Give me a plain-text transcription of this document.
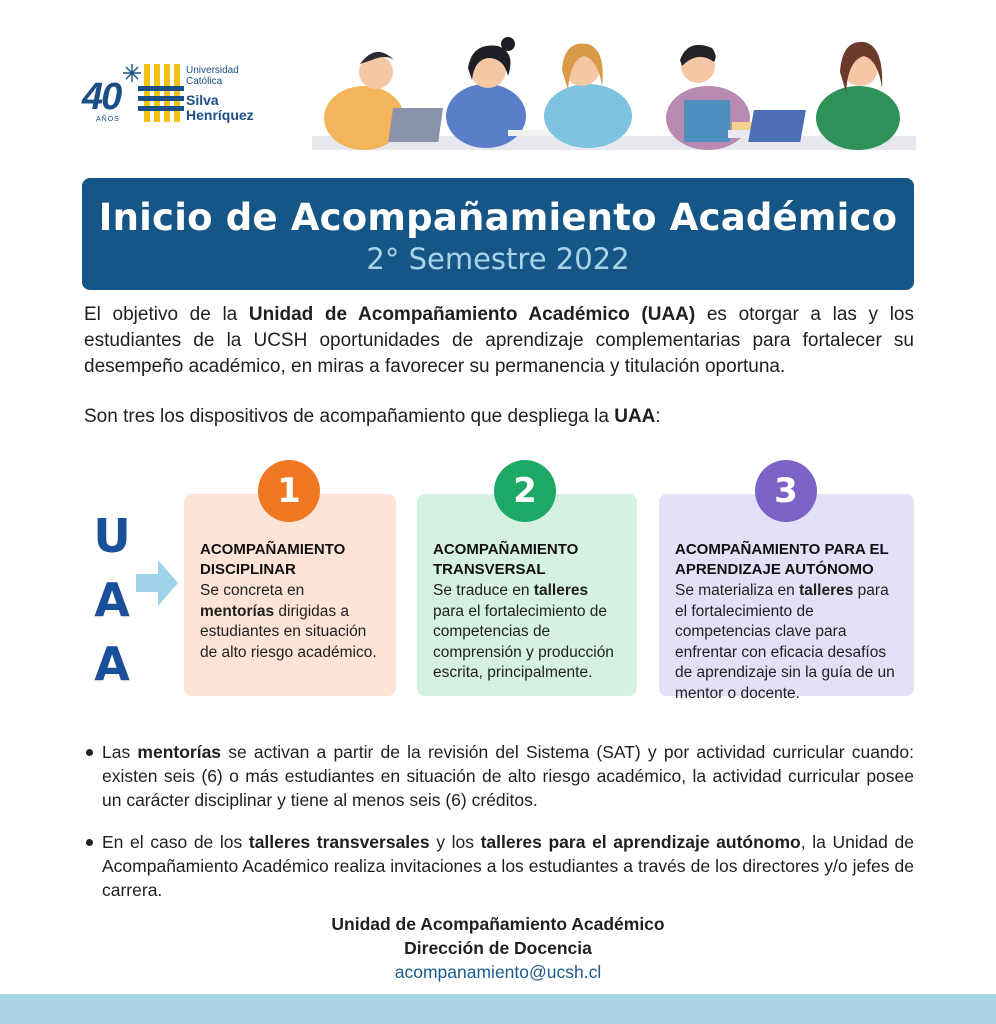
40
AÑOS
Universidad
Católica
Silva
Henríquez
Inicio de Acompañamiento Académico
2° Semestre 2022

El objetivo de la Unidad de Acompañamiento Académico (UAA) es otorgar a las y los estudiantes de la UCSH oportunidades de aprendizaje complementarias para fortalecer su desempeño académico, en miras a favorecer su permanencia y titulación oportuna.

Son tres los dispositivos de acompañamiento que despliega la UAA:

U
A
A
ACOMPAÑAMIENTO DISCIPLINAR
Se concreta en mentorías dirigidas a estudiantes en situación de alto riesgo académico.
1
ACOMPAÑAMIENTO TRANSVERSAL
Se traduce en talleres para el fortalecimiento de competencias de comprensión y producción escrita, principalmente.
2
ACOMPAÑAMIENTO PARA EL APRENDIZAJE AUTÓNOMO
Se materializa en talleres para el fortalecimiento de competencias clave para enfrentar con eficacia desafíos de aprendizaje sin la guía de un mentor o docente.
3
Las mentorías se activan a partir de la revisión del Sistema (SAT) y por actividad curricular cuando: existen seis (6) o más estudiantes en situación de alto riesgo académico, la actividad curricular posee un carácter disciplinar y tiene al menos seis (6) créditos.
En el caso de los talleres transversales y los talleres para el aprendizaje autónomo, la Unidad de Acompañamiento Académico realiza invitaciones a los estudiantes a través de los directores y/o jefes de carrera.
Unidad de Acompañamiento Académico
Dirección de Docencia
acompanamiento@ucsh.cl
